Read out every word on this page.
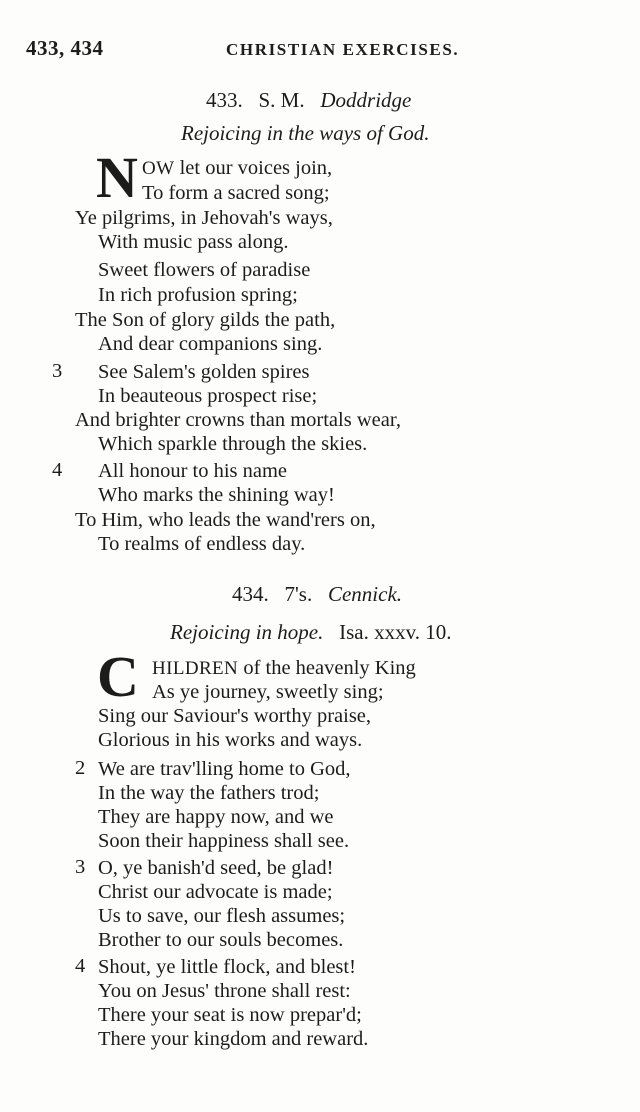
433, 434	CHRISTIAN EXERCISES.
433. S. M. Doddridge
Rejoicing in the ways of God.
N OW let our voices join,
To form a sacred song;
Ye pilgrims, in Jehovah's ways,
With music pass along.
Sweet flowers of paradise
In rich profusion spring;
The Son of glory gilds the path,
And dear companions sing.
3 See Salem's golden spires
In beauteous prospect rise;
And brighter crowns than mortals wear,
Which sparkle through the skies.
4 All honour to his name
Who marks the shining way!
To Him, who leads the wand'rers on,
To realms of endless day.
434. 7's. Cennick.
Rejoicing in hope. Isa. xxxv. 10.
C HILDREN of the heavenly King
As ye journey, sweetly sing;
Sing our Saviour's worthy praise,
Glorious in his works and ways.
2 We are trav'lling home to God,
In the way the fathers trod;
They are happy now, and we
Soon their happiness shall see.
3 O, ye banish'd seed, be glad!
Christ our advocate is made;
Us to save, our flesh assumes;
Brother to our souls becomes.
4 Shout, ye little flock, and blest!
You on Jesus' throne shall rest:
There your seat is now prepar'd;
There your kingdom and reward.
